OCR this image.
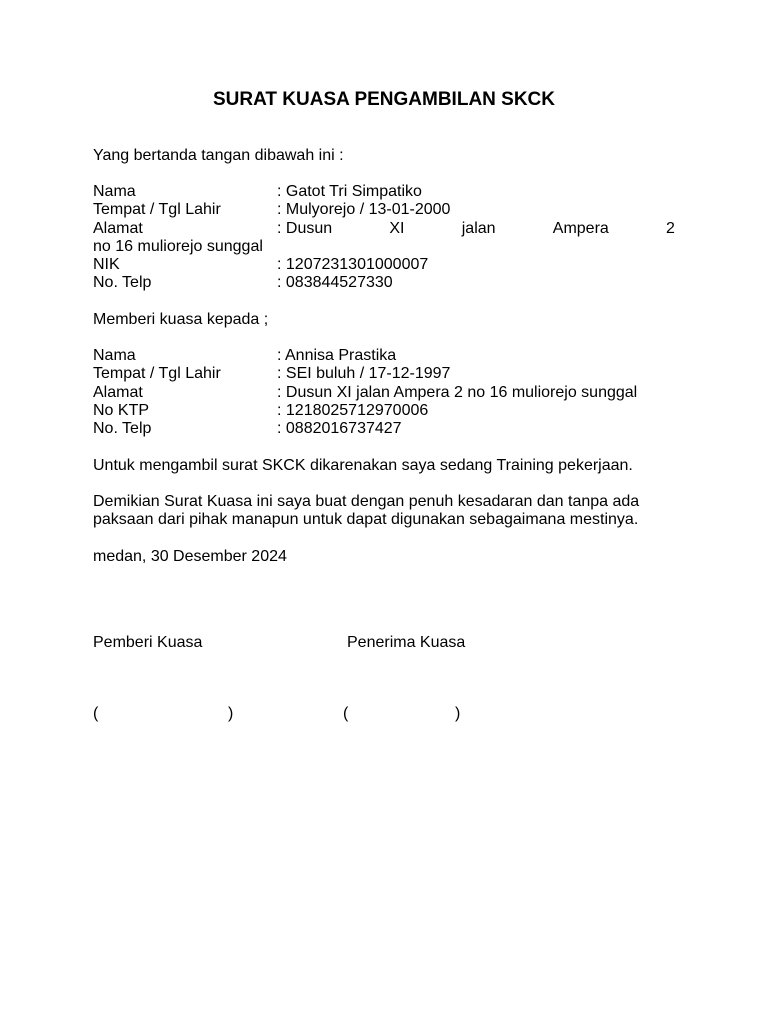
SURAT KUASA PENGAMBILAN SKCK
Yang bertanda tangan dibawah ini :
Nama	: Gatot Tri Simpatiko
Tempat / Tgl Lahir	: Mulyorejo / 13-01-2000
Alamat	: Dusun	XI	jalan	Ampera	2
no 16 muliorejo sunggal
NIK	: 1207231301000007
No. Telp	: 083844527330
Memberi kuasa kepada ;
Nama	: Annisa Prastika
Tempat / Tgl Lahir	: SEI buluh / 17-12-1997
Alamat	: Dusun XI jalan Ampera 2 no 16 muliorejo sunggal
No KTP	: 1218025712970006
No. Telp	: 0882016737427
Untuk mengambil surat SKCK dikarenakan saya sedang Training pekerjaan.
Demikian Surat Kuasa ini saya buat dengan penuh kesadaran dan tanpa ada
paksaan dari pihak manapun untuk dapat digunakan sebagaimana mestinya.
medan, 30 Desember 2024
Pemberi Kuasa	Penerima Kuasa
(	)	(	)
